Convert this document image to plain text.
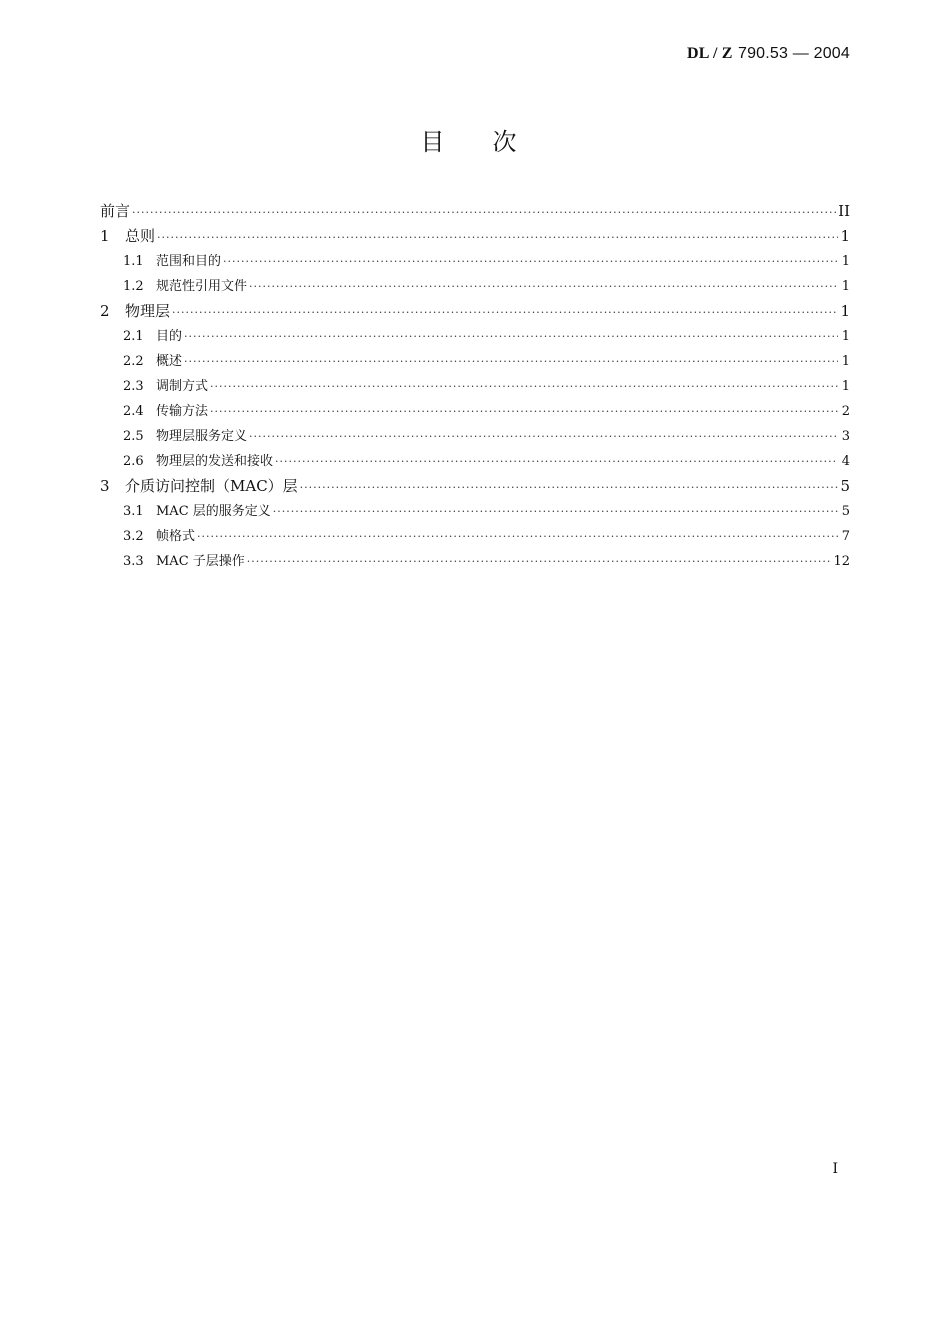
DL / Z 790.53 — 2004
目次
前言 ·····	II
1	总则 ·····	1
1.1 范围和目的 ·····	1
1.2 规范性引用文件 ·····	1
2	物理层 ·····	1
2.1 目的 ·····	1
2.2 概述 ·····	1
2.3 调制方式 ·····	1
2.4 传输方法 ·····	2
2.5 物理层服务定义 ·····	3
2.6 物理层的发送和接收 ·····	4
3	介质访问控制（MAC）层 ·····	5
3.1 MAC 层的服务定义 ·····	5
3.2 帧格式 ·····	7
3.3 MAC 子层操作 ·····	12
I
